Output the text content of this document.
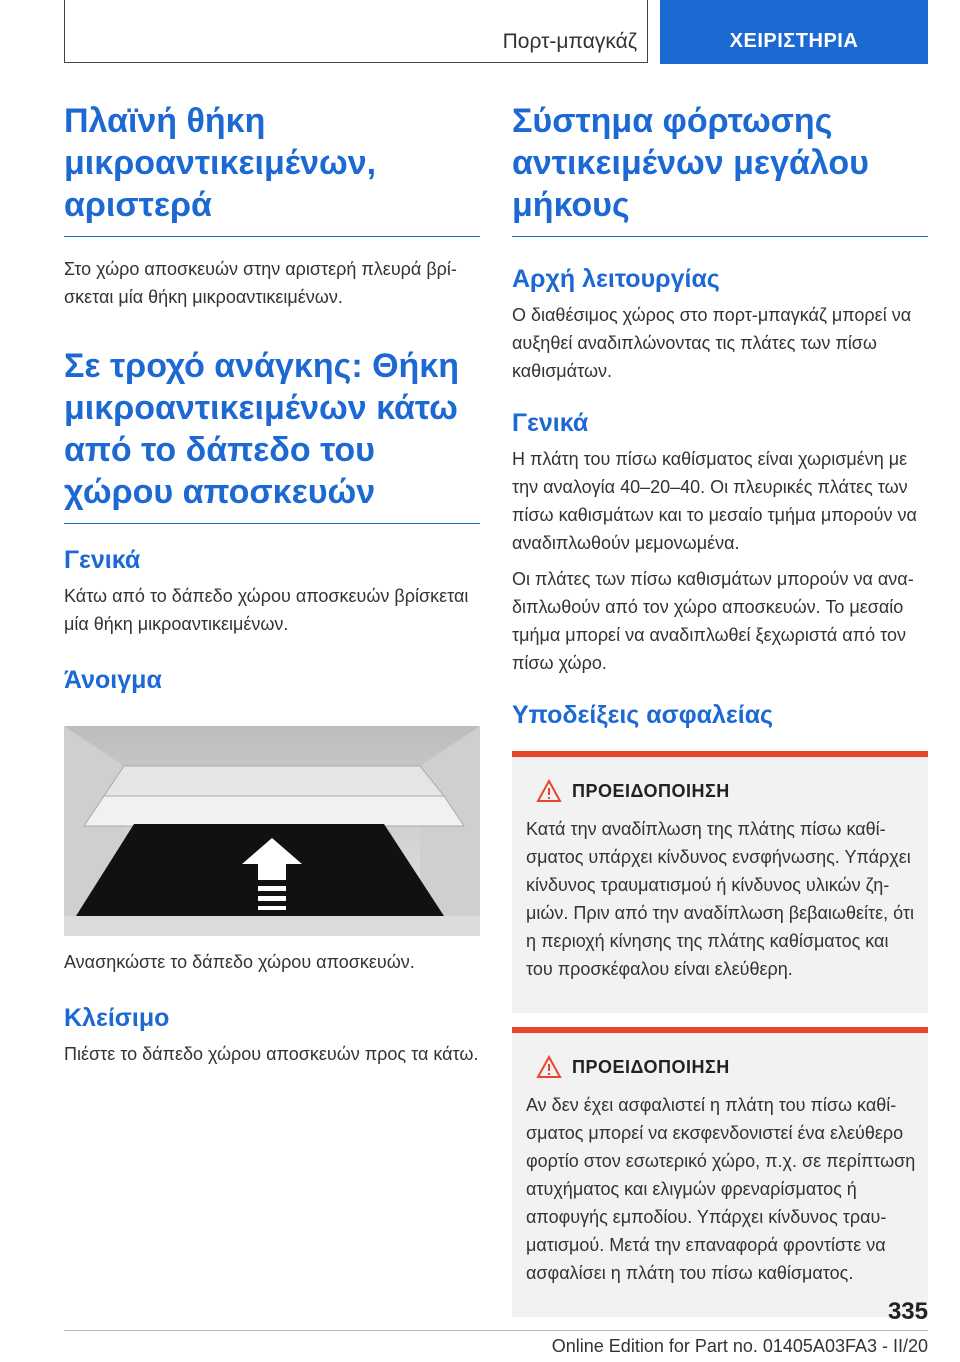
Πορτ-μπαγκάζ	ΧΕΙΡΙΣΤΗΡΙΑ
Πλαϊνή θήκη μικροαντικειμένων, αριστερά

Στο χώρο αποσκευών στην αριστερή πλευρά βρίσκεται μία θήκη μικροαντικειμένων.

Σε τροχό ανάγκης: Θήκη μικροαντικειμένων κάτω από το δάπεδο του χώρου αποσκευών
Γενικά

Κάτω από το δάπεδο χώρου αποσκευών βρίσκεται μία θήκη μικροαντικειμένων.

Άνοιγμα

Ανασηκώστε το δάπεδο χώρου αποσκευών.

Κλείσιμο

Πιέστε το δάπεδο χώρου αποσκευών προς τα κάτω.

Σύστημα φόρτωσης αντικειμένων μεγάλου μήκους
Αρχή λειτουργίας

Ο διαθέσιμος χώρος στο πορτ-μπαγκάζ μπορεί να αυξηθεί αναδιπλώνοντας τις πλάτες των πίσω καθισμάτων.

Γενικά

Η πλάτη του πίσω καθίσματος είναι χωρισμένη με την αναλογία 40–20–40. Οι πλευρικές πλάτες των πίσω καθισμάτων και το μεσαίο τμήμα μπορούν να αναδιπλωθούν μεμονωμένα.

Οι πλάτες των πίσω καθισμάτων μπορούν να αναδιπλωθούν από τον χώρο αποσκευών. Το μεσαίο τμήμα μπορεί να αναδιπλωθεί ξεχωριστά από τον πίσω χώρο.

Υποδείξεις ασφαλείας
ΠΡΟΕΙΔΟΠΟΙΗΣΗ

Κατά την αναδίπλωση της πλάτης πίσω καθίσματος υπάρχει κίνδυνος ενσφήνωσης. Υπάρχει κίνδυνος τραυματισμού ή κίνδυνος υλικών ζημιών. Πριν από την αναδίπλωση βεβαιωθείτε, ότι η περιοχή κίνησης της πλάτης καθίσματος και του προσκέφαλου είναι ελεύθερη.

ΠΡΟΕΙΔΟΠΟΙΗΣΗ

Αν δεν έχει ασφαλιστεί η πλάτη του πίσω καθίσματος μπορεί να εκσφενδονιστεί ένα ελεύθερο φορτίο στον εσωτερικό χώρο, π.χ. σε περίπτωση ατυχήματος και ελιγμών φρεναρίσματος ή αποφυγής εμποδίου. Υπάρχει κίνδυνος τραυματισμού. Μετά την επαναφορά φροντίστε να ασφαλίσει η πλάτη του πίσω καθίσματος.

335
Online Edition for Part no. 01405A03FA3 - II/20
